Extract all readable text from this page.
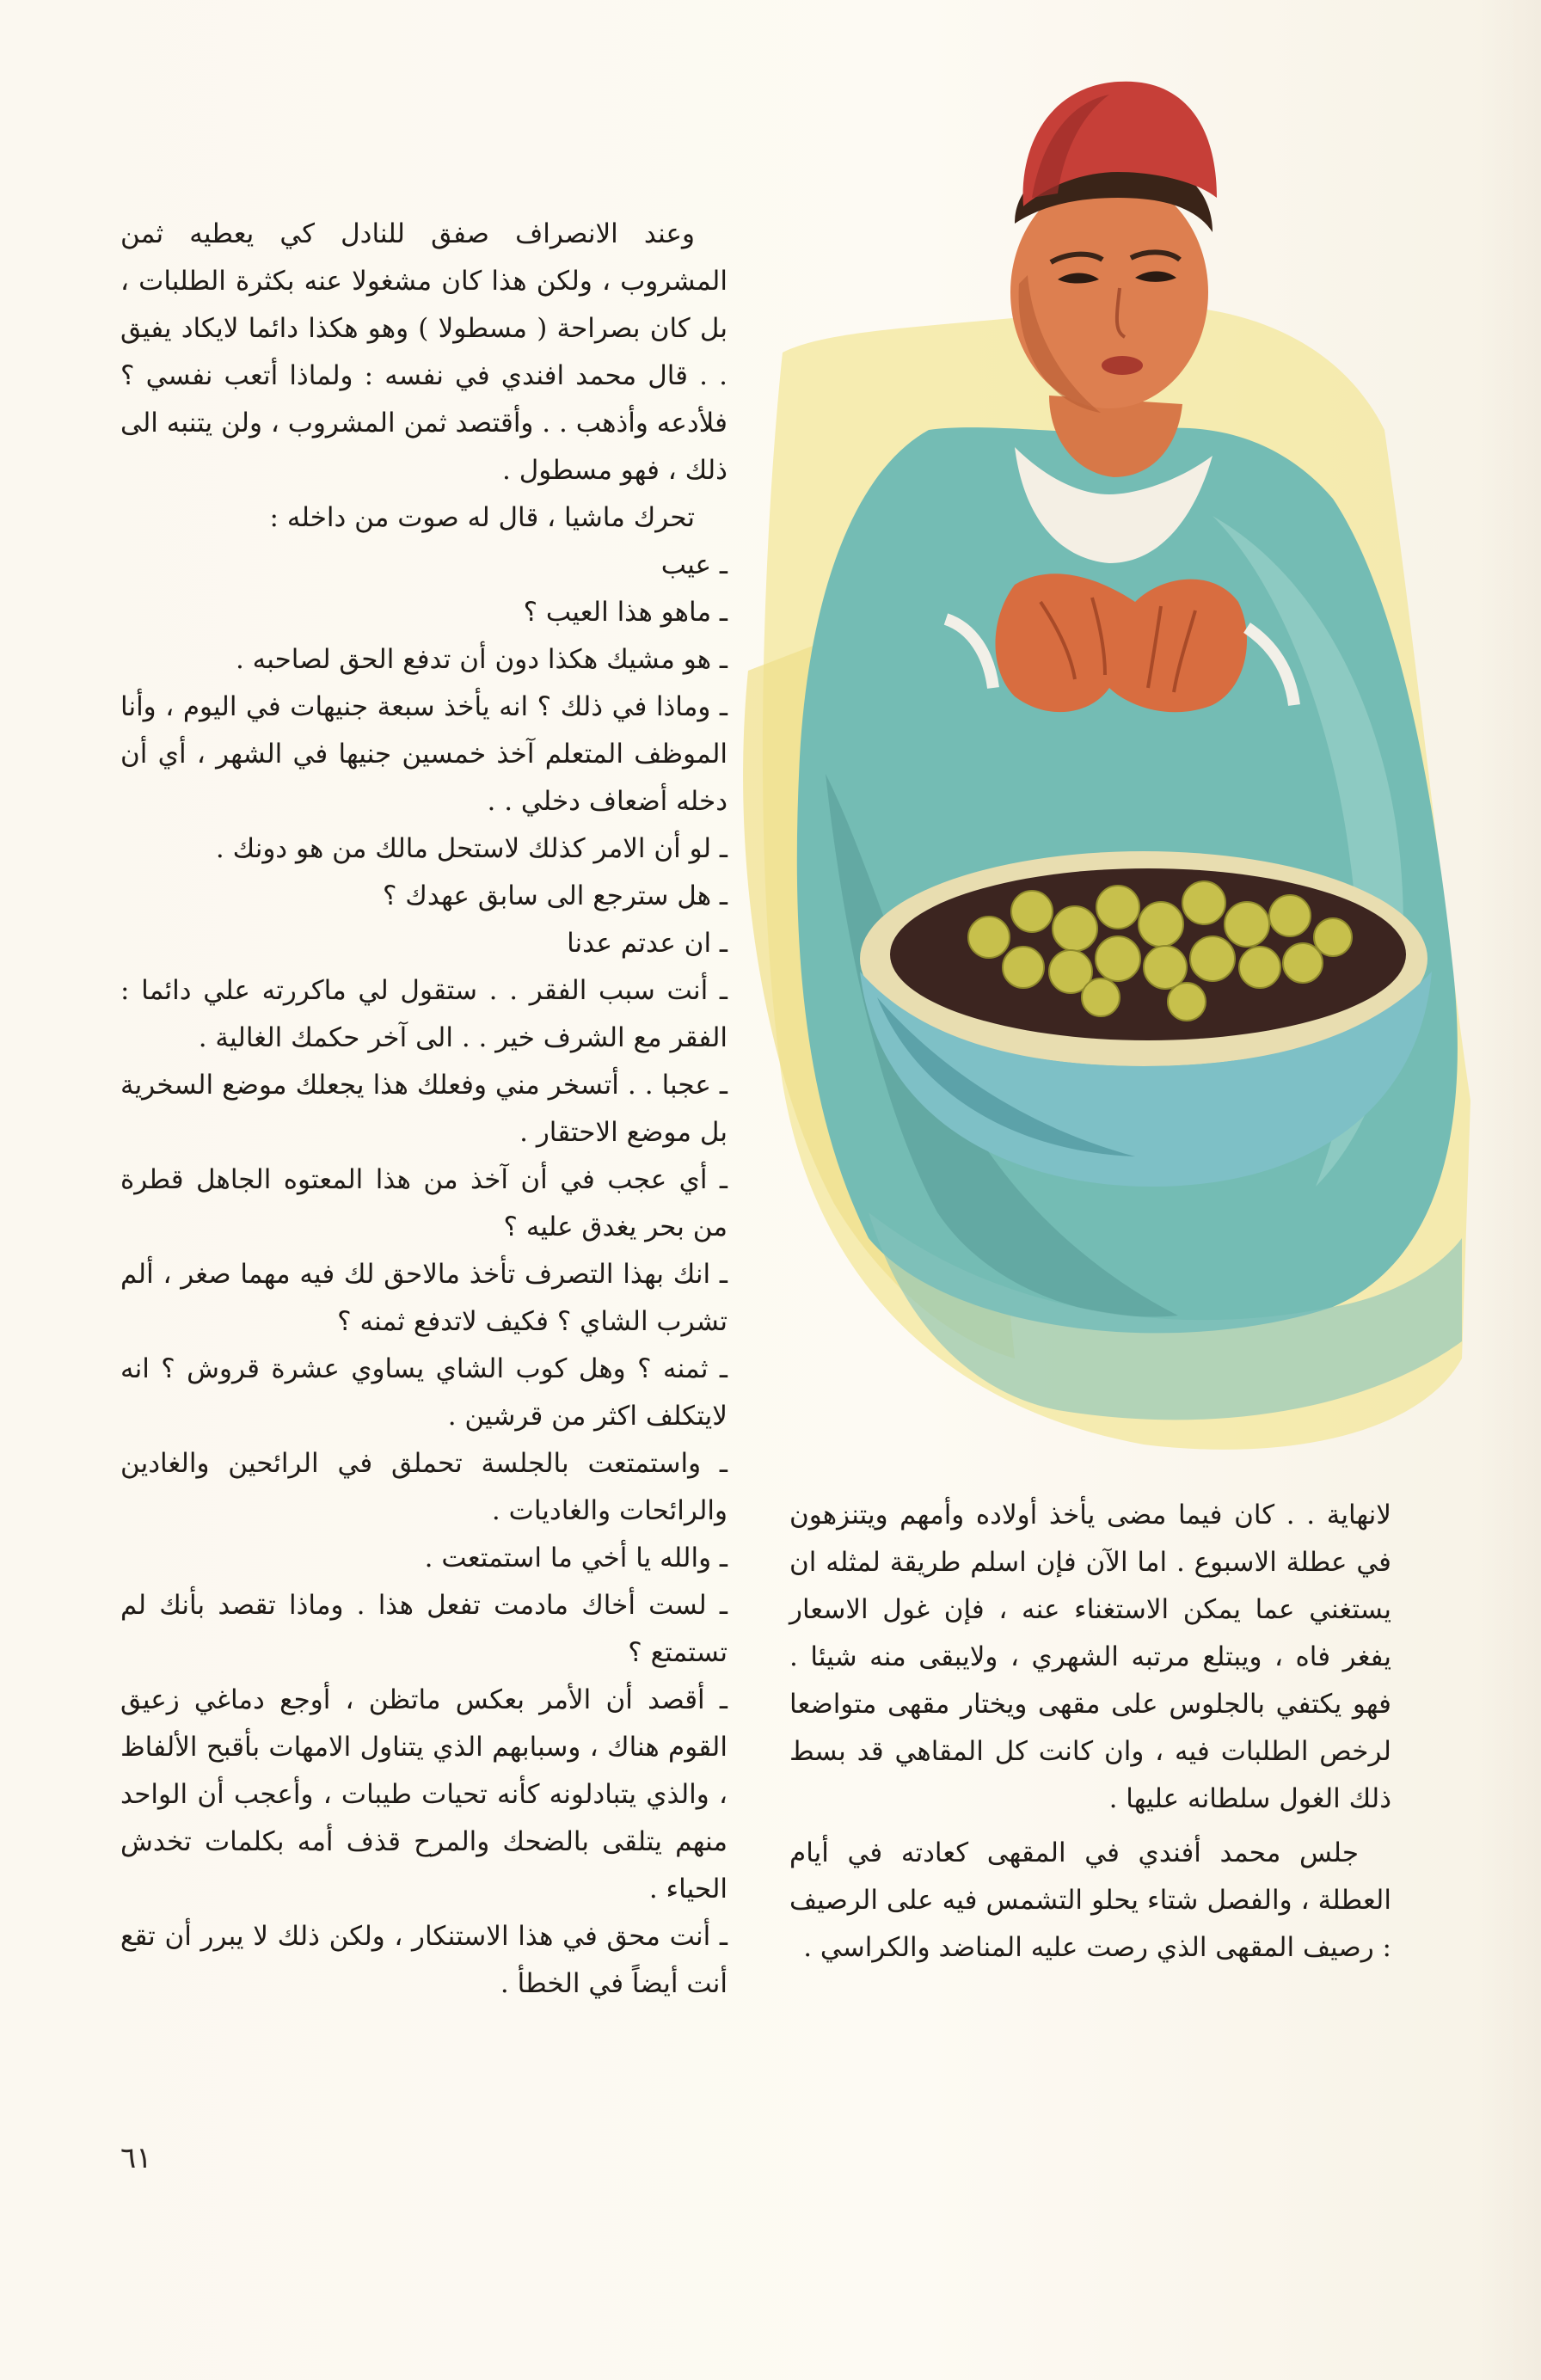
وعند الانصراف صفق للنادل كي يعطيه ثمن المشروب ، ولكن هذا كان مشغولا عنه بكثرة الطلبات ، بل كان بصراحة ( مسطولا ) وهو هكذا دائما لايكاد يفيق . . قال محمد افندي في نفسه : ولماذا أتعب نفسي ؟ فلأدعه وأذهب . . وأقتصد ثمن المشروب ، ولن يتنبه الى ذلك ، فهو مسطول .

تحرك ماشيا ، قال له صوت من داخله :

ـ عيب

ـ ماهو هذا العيب ؟

ـ هو مشيك هكذا دون أن تدفع الحق لصاحبه .

ـ وماذا في ذلك ؟ انه يأخذ سبعة جنيهات في اليوم ، وأنا الموظف المتعلم آخذ خمسين جنيها في الشهر ، أي أن دخله أضعاف دخلي . .

ـ لو أن الامر كذلك لاستحل مالك من هو دونك .

ـ هل سترجع الى سابق عهدك ؟

ـ ان عدتم عدنا

ـ أنت سبب الفقر . . ستقول لي ماكررته علي دائما : الفقر مع الشرف خير . . الى آخر حكمك الغالية .

ـ عجبا . . أتسخر مني وفعلك هذا يجعلك موضع السخرية بل موضع الاحتقار .

ـ أي عجب في أن آخذ من هذا المعتوه الجاهل قطرة من بحر يغدق عليه ؟

ـ انك بهذا التصرف تأخذ مالاحق لك فيه مهما صغر ، ألم تشرب الشاي ؟ فكيف لاتدفع ثمنه ؟

ـ ثمنه ؟ وهل كوب الشاي يساوي عشرة قروش ؟ انه لايتكلف اكثر من قرشين .

ـ واستمتعت بالجلسة تحملق في الرائحين والغادين والرائحات والغاديات .

ـ والله يا أخي ما استمتعت .

ـ لست أخاك مادمت تفعل هذا . وماذا تقصد بأنك لم تستمتع ؟

ـ أقصد أن الأمر بعكس ماتظن ، أوجع دماغي زعيق القوم هناك ، وسبابهم الذي يتناول الامهات بأقبح الألفاظ ، والذي يتبادلونه كأنه تحيات طيبات ، وأعجب أن الواحد منهم يتلقى بالضحك والمرح قذف أمه بكلمات تخدش الحياء .

ـ أنت محق في هذا الاستنكار ، ولكن ذلك لا يبرر أن تقع أنت أيضاً في الخطأ .

لانهاية . . كان فيما مضى يأخذ أولاده وأمهم ويتنزهون في عطلة الاسبوع . اما الآن فإن اسلم طريقة لمثله ان يستغني عما يمكن الاستغناء عنه ، فإن غول الاسعار يفغر فاه ، ويبتلع مرتبه الشهري ، ولايبقى منه شيئا . فهو يكتفي بالجلوس على مقهى ويختار مقهى متواضعا لرخص الطلبات فيه ، وان كانت كل المقاهي قد بسط ذلك الغول سلطانه عليها .

جلس محمد أفندي في المقهى كعادته في أيام العطلة ، والفصل شتاء يحلو التشمس فيه على الرصيف : رصيف المقهى الذي رصت عليه المناضد والكراسي .

٦١
